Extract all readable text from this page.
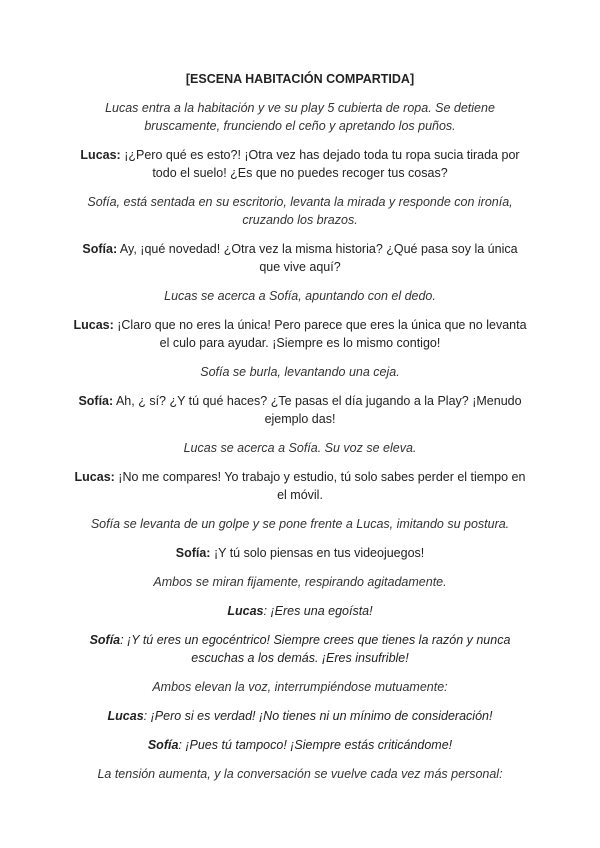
[ESCENA HABITACIÓN COMPARTIDA]
Lucas entra a la habitación y ve su play 5 cubierta de ropa. Se detiene bruscamente, frunciendo el ceño y apretando los puños.
Lucas: ¡¿Pero qué es esto?! ¡Otra vez has dejado toda tu ropa sucia tirada por todo el suelo! ¿Es que no puedes recoger tus cosas?
Sofía, está sentada en su escritorio, levanta la mirada y responde con ironía, cruzando los brazos.
Sofía: Ay, ¡qué novedad! ¿Otra vez la misma historia? ¿Qué pasa soy la única que vive aquí?
Lucas se acerca a Sofía, apuntando con el dedo.
Lucas: ¡Claro que no eres la única! Pero parece que eres la única que no levanta el culo para ayudar. ¡Siempre es lo mismo contigo!
Sofía se burla, levantando una ceja.
Sofía: Ah, ¿ sí? ¿Y tú qué haces? ¿Te pasas el día jugando a la Play? ¡Menudo ejemplo das!
Lucas se acerca a Sofía. Su voz se eleva.
Lucas: ¡No me compares! Yo trabajo y estudio, tú solo sabes perder el tiempo en el móvil.
Sofía se levanta de un golpe y se pone frente a Lucas, imitando su postura.
Sofía: ¡Y tú solo piensas en tus videojuegos!
Ambos se miran fijamente, respirando agitadamente.
Lucas: ¡Eres una egoísta!
Sofía: ¡Y tú eres un egocéntrico! Siempre crees que tienes la razón y nunca escuchas a los demás. ¡Eres insufrible!
Ambos elevan la voz, interrumpiéndose mutuamente:
Lucas: ¡Pero si es verdad! ¡No tienes ni un mínimo de consideración!
Sofía: ¡Pues tú tampoco! ¡Siempre estás criticándome!
La tensión aumenta, y la conversación se vuelve cada vez más personal:
